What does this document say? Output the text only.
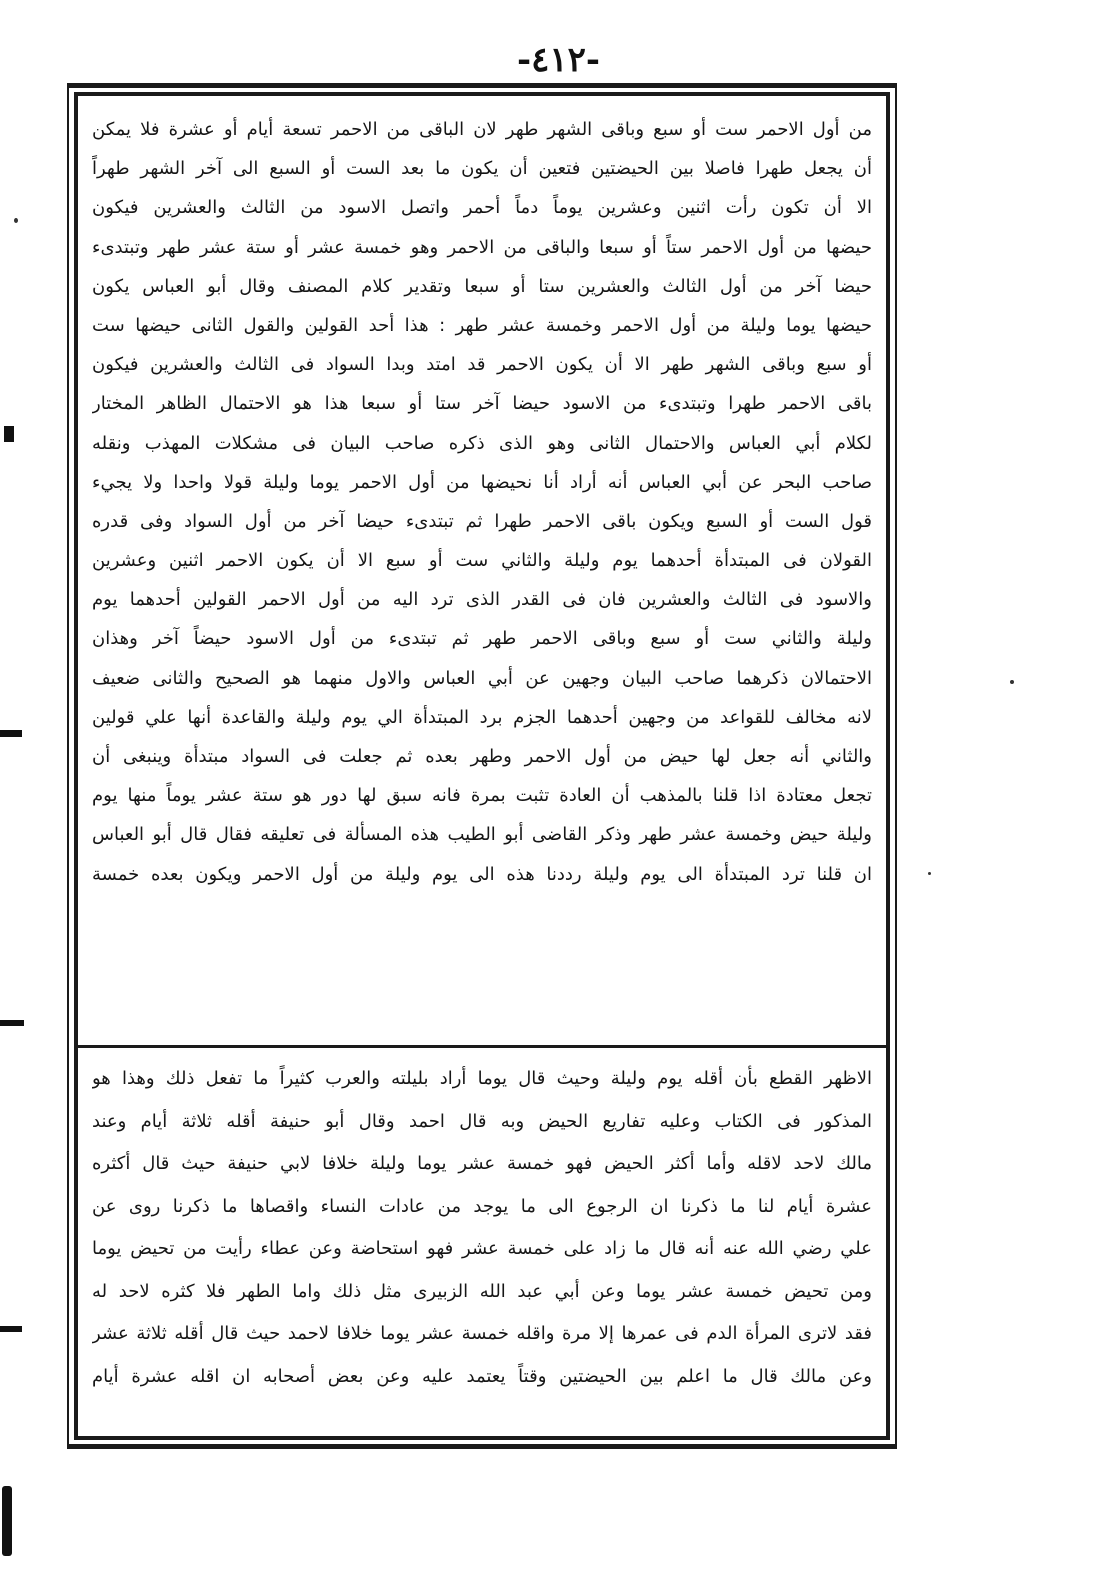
-٤١٢-
من أول الاحمر ست أو سبع وباقى الشهر طهر لان الباقى من الاحمر تسعة أيام أو عشرة فلا يمكن
أن يجعل طهرا فاصلا بين الحيضتين فتعين أن يكون ما بعد الست أو السبع الى آخر الشهر طهراً
الا أن تكون رأت اثنين وعشرين يوماً دماً أحمر واتصل الاسود من الثالث والعشرين فيكون
حيضها من أول الاحمر ستاً أو سبعا والباقى من الاحمر وهو خمسة عشر أو ستة عشر طهر وتبتدىء
حيضا آخر من أول الثالث والعشرين ستا أو سبعا وتقدير كلام المصنف وقال أبو العباس يكون
حيضها يوما وليلة من أول الاحمر وخمسة عشر طهر : هذا أحد القولين والقول الثانى حيضها ست
أو سبع وباقى الشهر طهر الا أن يكون الاحمر قد امتد وبدا السواد فى الثالث والعشرين فيكون
باقى الاحمر طهرا وتبتدىء من الاسود حيضا آخر ستا أو سبعا هذا هو الاحتمال الظاهر المختار
لكلام أبي العباس والاحتمال الثانى وهو الذى ذكره صاحب البيان فى مشكلات المهذب ونقله
صاحب البحر عن أبي العباس أنه أراد أنا نحيضها من أول الاحمر يوما وليلة قولا واحدا ولا يجيء
قول الست أو السبع ويكون باقى الاحمر طهرا ثم تبتدىء حيضا آخر من أول السواد وفى قدره
القولان فى المبتدأة أحدهما يوم وليلة والثاني ست أو سبع الا أن يكون الاحمر اثنين وعشرين
والاسود فى الثالث والعشرين فان فى القدر الذى ترد اليه من أول الاحمر القولين أحدهما يوم
وليلة والثاني ست أو سبع وباقى الاحمر طهر ثم تبتدىء من أول الاسود حيضاً آخر وهذان
الاحتمالان ذكرهما صاحب البيان وجهين عن أبي العباس والاول منهما هو الصحيح والثانى ضعيف
لانه مخالف للقواعد من وجهين أحدهما الجزم برد المبتدأة الي يوم وليلة والقاعدة أنها علي قولين
والثاني أنه جعل لها حيض من أول الاحمر وطهر بعده ثم جعلت فى السواد مبتدأة وينبغى أن
تجعل معتادة اذا قلنا بالمذهب أن العادة تثبت بمرة فانه سبق لها دور هو ستة عشر يوماً منها يوم
وليلة حيض وخمسة عشر طهر وذكر القاضى أبو الطيب هذه المسألة فى تعليقه فقال قال أبو العباس
ان قلنا ترد المبتدأة الى يوم وليلة رددنا هذه الى يوم وليلة من أول الاحمر ويكون بعده خمسة
الاظهر القطع بأن أقله يوم وليلة وحيث قال يوما أراد بليلته والعرب كثيراً ما تفعل ذلك وهذا هو
المذكور فى الكتاب وعليه تفاريع الحيض وبه قال احمد وقال أبو حنيفة أقله ثلاثة أيام وعند
مالك لاحد لاقله وأما أكثر الحيض فهو خمسة عشر يوما وليلة خلافا لابي حنيفة حيث قال أكثره
عشرة أيام لنا ما ذكرنا ان الرجوع الى ما يوجد من عادات النساء واقصاها ما ذكرنا روى عن
علي رضي الله عنه أنه قال ما زاد على خمسة عشر فهو استحاضة وعن عطاء رأيت من تحيض يوما
ومن تحيض خمسة عشر يوما وعن أبي عبد الله الزبيرى مثل ذلك واما الطهر فلا كثره لاحد له
فقد لاترى المرأة الدم فى عمرها إلا مرة واقله خمسة عشر يوما خلافا لاحمد حيث قال أقله ثلاثة عشر
وعن مالك قال ما اعلم بين الحيضتين وقتاً يعتمد عليه وعن بعض أصحابه ان اقله عشرة أيام
